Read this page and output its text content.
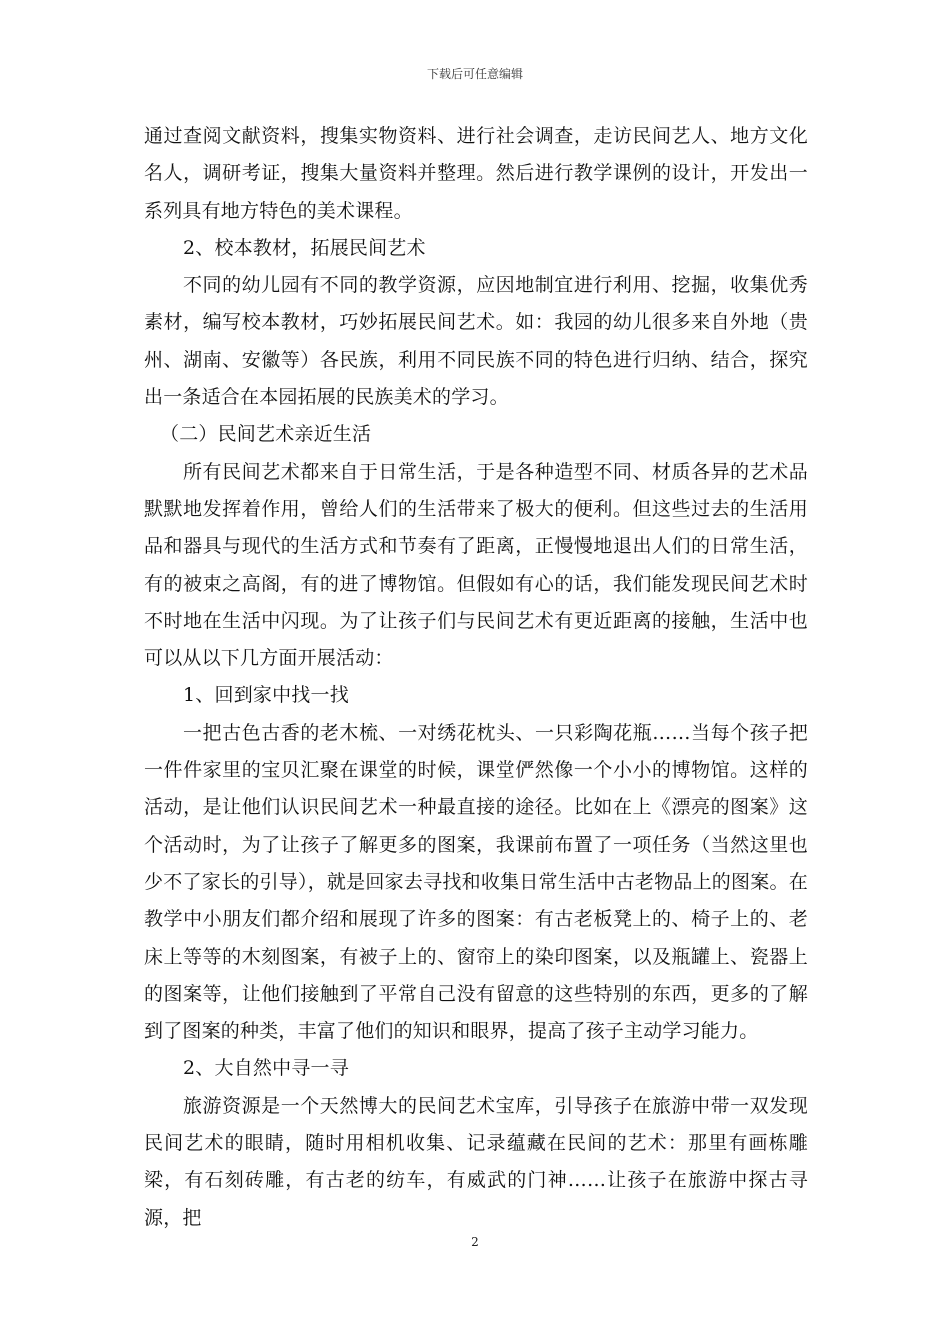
下载后可任意编辑

通过查阅文献资料，搜集实物资料、进行社会调查，走访民间艺人、地方文化名人，调研考证，搜集大量资料并整理。然后进行教学课例的设计，开发出一系列具有地方特色的美术课程。

2、校本教材，拓展民间艺术

不同的幼儿园有不同的教学资源，应因地制宜进行利用、挖掘，收集优秀素材，编写校本教材，巧妙拓展民间艺术。如：我园的幼儿很多来自外地（贵州、湖南、安徽等）各民族，利用不同民族不同的特色进行归纳、结合，探究出一条适合在本园拓展的民族美术的学习。

（二）民间艺术亲近生活

所有民间艺术都来自于日常生活，于是各种造型不同、材质各异的艺术品默默地发挥着作用，曾给人们的生活带来了极大的便利。但这些过去的生活用品和器具与现代的生活方式和节奏有了距离，正慢慢地退出人们的日常生活，有的被束之高阁，有的进了博物馆。但假如有心的话，我们能发现民间艺术时不时地在生活中闪现。为了让孩子们与民间艺术有更近距离的接触，生活中也可以从以下几方面开展活动：

1、回到家中找一找

一把古色古香的老木梳、一对绣花枕头、一只彩陶花瓶……当每个孩子把一件件家里的宝贝汇聚在课堂的时候，课堂俨然像一个小小的博物馆。这样的活动，是让他们认识民间艺术一种最直接的途径。比如在上《漂亮的图案》这个活动时，为了让孩子了解更多的图案，我课前布置了一项任务（当然这里也少不了家长的引导），就是回家去寻找和收集日常生活中古老物品上的图案。在教学中小朋友们都介绍和展现了许多的图案：有古老板凳上的、椅子上的、老床上等等的木刻图案，有被子上的、窗帘上的染印图案，以及瓶罐上、瓷器上的图案等，让他们接触到了平常自己没有留意的这些特别的东西，更多的了解到了图案的种类，丰富了他们的知识和眼界，提高了孩子主动学习能力。

2、大自然中寻一寻

旅游资源是一个天然博大的民间艺术宝库，引导孩子在旅游中带一双发现民间艺术的眼睛，随时用相机收集、记录蕴藏在民间的艺术：那里有画栋雕梁，有石刻砖雕，有古老的纺车，有威武的门神……让孩子在旅游中探古寻源，把

2
